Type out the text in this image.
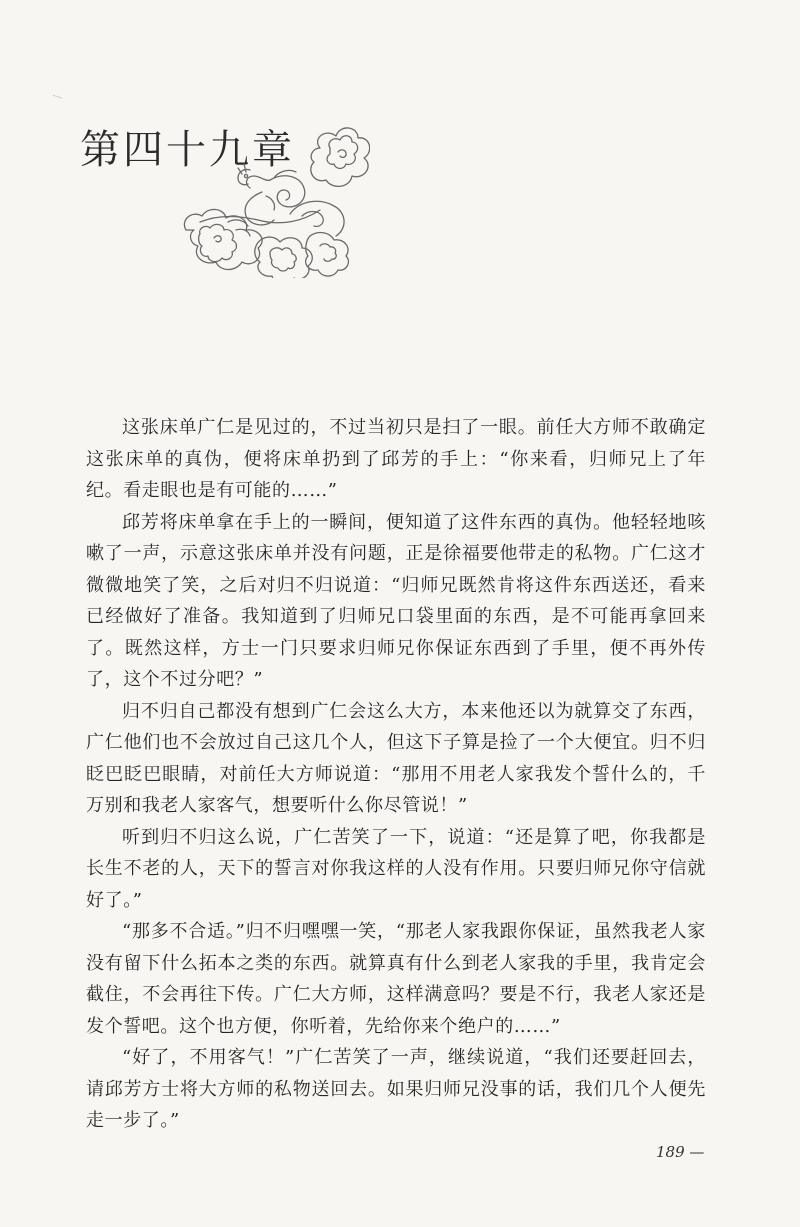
第四十九章

这张床单广仁是见过的，不过当初只是扫了一眼。前任大方师不敢确定这张床单的真伪，便将床单扔到了邱芳的手上：“你来看，归师兄上了年纪。看走眼也是有可能的……”

邱芳将床单拿在手上的一瞬间，便知道了这件东西的真伪。他轻轻地咳嗽了一声，示意这张床单并没有问题，正是徐福要他带走的私物。广仁这才微微地笑了笑，之后对归不归说道：“归师兄既然肯将这件东西送还，看来已经做好了准备。我知道到了归师兄口袋里面的东西，是不可能再拿回来了。既然这样，方士一门只要求归师兄你保证东西到了手里，便不再外传了，这个不过分吧？”

归不归自己都没有想到广仁会这么大方，本来他还以为就算交了东西，广仁他们也不会放过自己这几个人，但这下子算是捡了一个大便宜。归不归眨巴眨巴眼睛，对前任大方师说道：“那用不用老人家我发个誓什么的，千万别和我老人家客气，想要听什么你尽管说！”

听到归不归这么说，广仁苦笑了一下，说道：“还是算了吧，你我都是长生不老的人，天下的誓言对你我这样的人没有作用。只要归师兄你守信就好了。”

“那多不合适。”归不归嘿嘿一笑，“那老人家我跟你保证，虽然我老人家没有留下什么拓本之类的东西。就算真有什么到老人家我的手里，我肯定会截住，不会再往下传。广仁大方师，这样满意吗？要是不行，我老人家还是发个誓吧。这个也方便，你听着，先给你来个绝户的……”

“好了，不用客气！”广仁苦笑了一声，继续说道，“我们还要赶回去，请邱芳方士将大方师的私物送回去。如果归师兄没事的话，我们几个人便先走一步了。”

189 —
